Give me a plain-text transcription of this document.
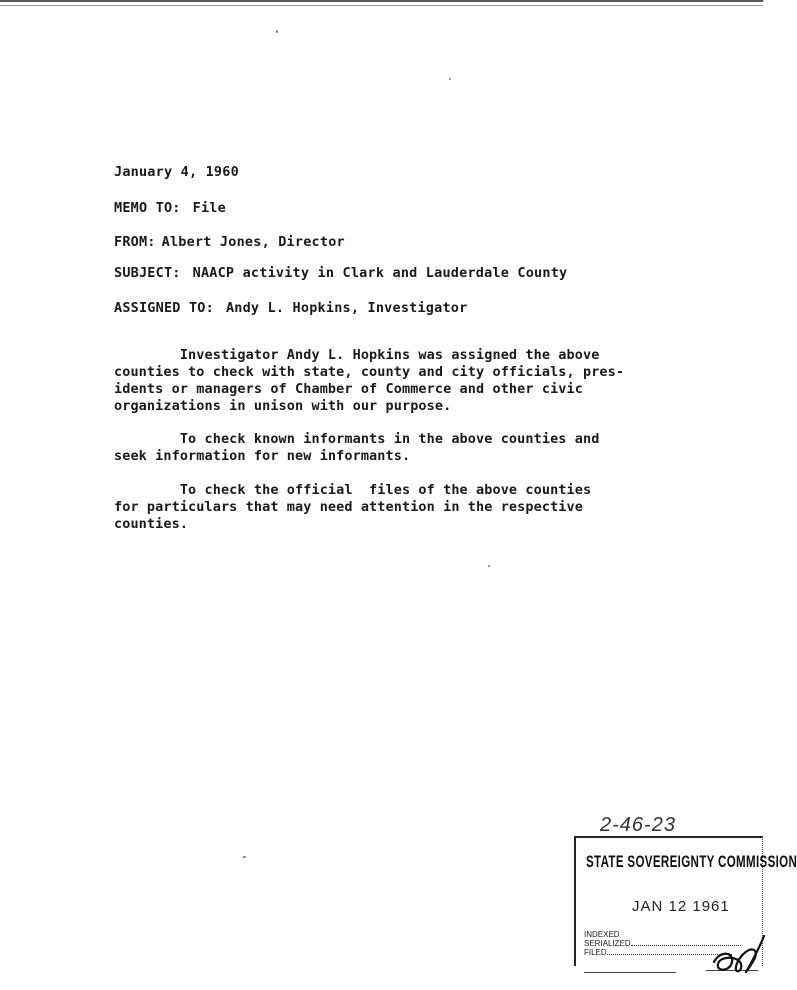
January 4, 1960
MEMO TO: File
FROM: Albert Jones, Director
SUBJECT: NAACP activity in Clark and Lauderdale County
ASSIGNED TO: Andy L. Hopkins, Investigator
Investigator Andy L. Hopkins was assigned the above
counties to check with state, county and city officials, pres-
idents or managers of Chamber of Commerce and other civic
organizations in unison with our purpose.
To check known informants in the above counties and
seek information for new informants.
To check the official  files of the above counties
for particulars that may need attention in the respective
counties.
2-46-23
STATE SOVEREIGNTY COMMISSION
JAN 12 1961
INDEXED
SERIALIZED
FILED
